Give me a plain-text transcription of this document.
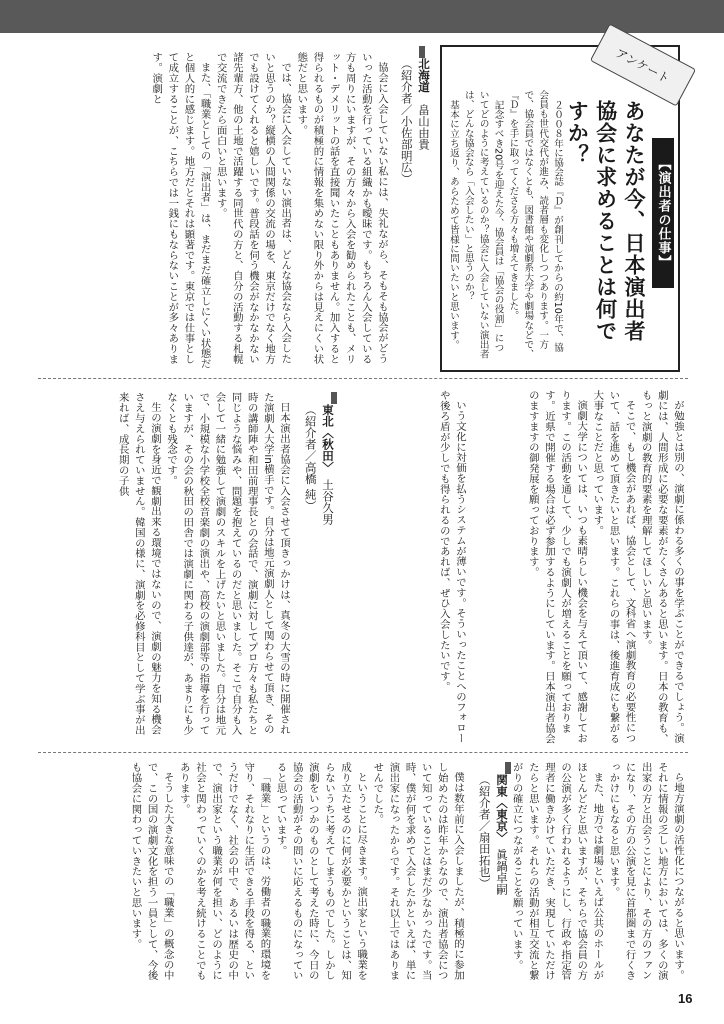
アンケート
【演出者の仕事】
あなたが今、日本演出者協会に求めることは何ですか？

２００８年に協会誌『Ｄ』が創刊してからの約10年で、協会員も世代交代が進み、読者層も変化しつつあります。一方で、協会員ではなくとも、図書館や演劇系大学や劇場などで、『Ｄ』を手に取ってくださる方々も増えてきました。

記念すべき20号を迎えた今、協会員は「協会の役割」についてどのように考えているのか？協会に入会していない演出者は、どんな協会なら「入会したい」と思うのか？

基本に立ち返り、あらためて皆様に問いたいと思います。

北海道　畠山由貴
（紹介者／小佐部明広）

協会に入会していない私には、失礼ながら、そもそも協会がどういった活動を行っている組織かも曖昧です。もちろん入会している方も周りにいますが、その方々から入会を勧められたことも、メリット・デメリットの話を直接聞いたこともありません。加入すると得られるものが積極的に情報を集めない限り外からは見えにくい状態だと思います。

では、協会に入会していない演出者は、どんな協会なら入会したいと思うのか？縦横の人間関係の交流の場を、東京だけでなく地方でも設けてくれると嬉しいです。普段話を伺う機会がなかなかない諸先輩方、他の土地で活躍する同世代の方と、自分の活動する札幌で交流できたら面白いと思います。

また、「職業としての「演出者」は、まだまだ確立しにくい状態だと個人的に感じます。地方だとそれは顕著です。東京では仕事として成立することが、こちらでは一銭にもならないことが多々あります。演劇と

いう文化に対価を払うシステムが薄いです。そういったことへのフォローや後ろ盾が少しでも得られるのであれば、ぜひ入会したいです。

東北〈秋田〉　土谷久男
（紹介者／高橋 純）

日本演出者協会に入会させて頂きっかけは、真冬の大雪の時に開催された演劇人大学in横手です。自分は地元演劇人として関わらせて頂き、その時の講師陣や和田前理事長との会話で、演劇に対してプロ方々も私たちと同じような悩みや、問題を抱えているのだと思いました。そこで自分も入会して一緒に勉強して演劇のスキルを上げたいと思いました。自分は地元で、小規模な小学校全校音楽劇の演出や、高校の演劇部等の指導を行っていますが、その会の秋田の田舎では演劇に関わる子供達が、あまりにも少なくとも残念です。

生の演劇を身近で観劇出来る環境ではないので、演劇の魅力を知る機会さえ与えられていません。韓国の様に、演劇を必修科目として学ぶ事が出来れば、成長期の子供	が勉強とは別の、演劇に係わる多くの事を学ぶことができるでしょう。演劇には、人間形成に必要な要素がたくさんあると思います。日本の教育も、もっと演劇の教育的要素を理解してほしいと思います。

そこで、もし機会があれば、協会として、文科省へ演劇教育の必要性について、話を進めて頂きたいと思います。これらの事は、後進育成にも繋がる大事なことだと思っています。

演劇大学については、いつも素晴らしい機会を与えて頂いて、感謝しております。この活動を通して、少しでも演劇人が増えることを願っております。近県で開催する場合は必ず参加するようにしています。日本演出者協会のますますの御発展を願っております。

ら地方演劇の活性化につながると思います。それに情報の乏しい地方においては、多くの演出家の方と出会うことにより、その方のファンになり、その方の公演を見に首都圏まで行くきっかけにもなると思います。

また、地方では劇場といえば公共のホールがほとんどだと思いますが、そちらで協会員の方の公演が多く行われるようにし、行政や指定管理者に働きかけていただき、実現していただけたらと思います。それらの活動が相互交流と繋がりの確立につながることを願っています。

関東〈東京〉　眞鍋卓嗣
（紹介者／扇田拓也）

僕は数年前に入会しましたが、積極的に参加し始めたのは昨年からなので、演出者協会について知っていることはまだ少なかったです。当時、僕が何を求めて入会したかといえば、単に演出家になったからです。それ以上ではありませんでした。

ということに尽きます。演出家という職業を成り立たせるのに何が必要かということは、知らないうちに考えてしまうものでした。しかし演劇をいつかのものとして考えた時に、今日の協会の活動がその問いに応えるものになっていると思っています。

「職業」というのは、労働者の職業的環境を守り、それなりに生活できる手段を得る、というだけでなく、社会の中で、あるいは歴史の中で、演出家という職業が何を担い、どのように社会と関わっていくのかを考え続けることでもあります。

そうした大きな意味での「職業」の概念の中で、この国の演劇文化を担う一員として、今後も協会に関わっていきたいと思います。

16
